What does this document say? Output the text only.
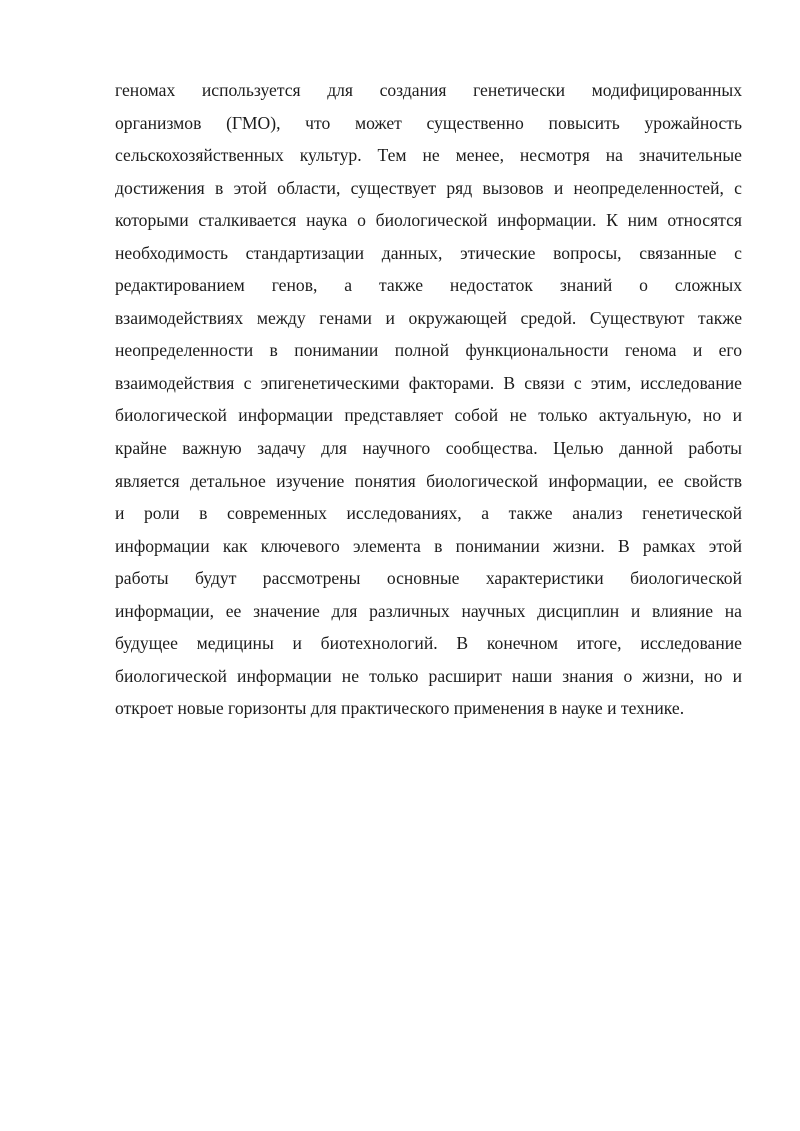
геномах используется для создания генетически модифицированных
организмов (ГМО), что может существенно повысить урожайность
сельскохозяйственных культур. Тем не менее, несмотря на значительные
достижения в этой области, существует ряд вызовов и неопределенностей, с
которыми сталкивается наука о биологической информации. К ним относятся
необходимость стандартизации данных, этические вопросы, связанные с
редактированием генов, а также недостаток знаний о сложных
взаимодействиях между генами и окружающей средой. Существуют также
неопределенности в понимании полной функциональности генома и его
взаимодействия с эпигенетическими факторами. В связи с этим, исследование
биологической информации представляет собой не только актуальную, но и
крайне важную задачу для научного сообщества. Целью данной работы
является детальное изучение понятия биологической информации, ее свойств
и роли в современных исследованиях, а также анализ генетической
информации как ключевого элемента в понимании жизни. В рамках этой
работы будут рассмотрены основные характеристики биологической
информации, ее значение для различных научных дисциплин и влияние на
будущее медицины и биотехнологий. В конечном итоге, исследование
биологической информации не только расширит наши знания о жизни, но и
откроет новые горизонты для практического применения в науке и технике.
